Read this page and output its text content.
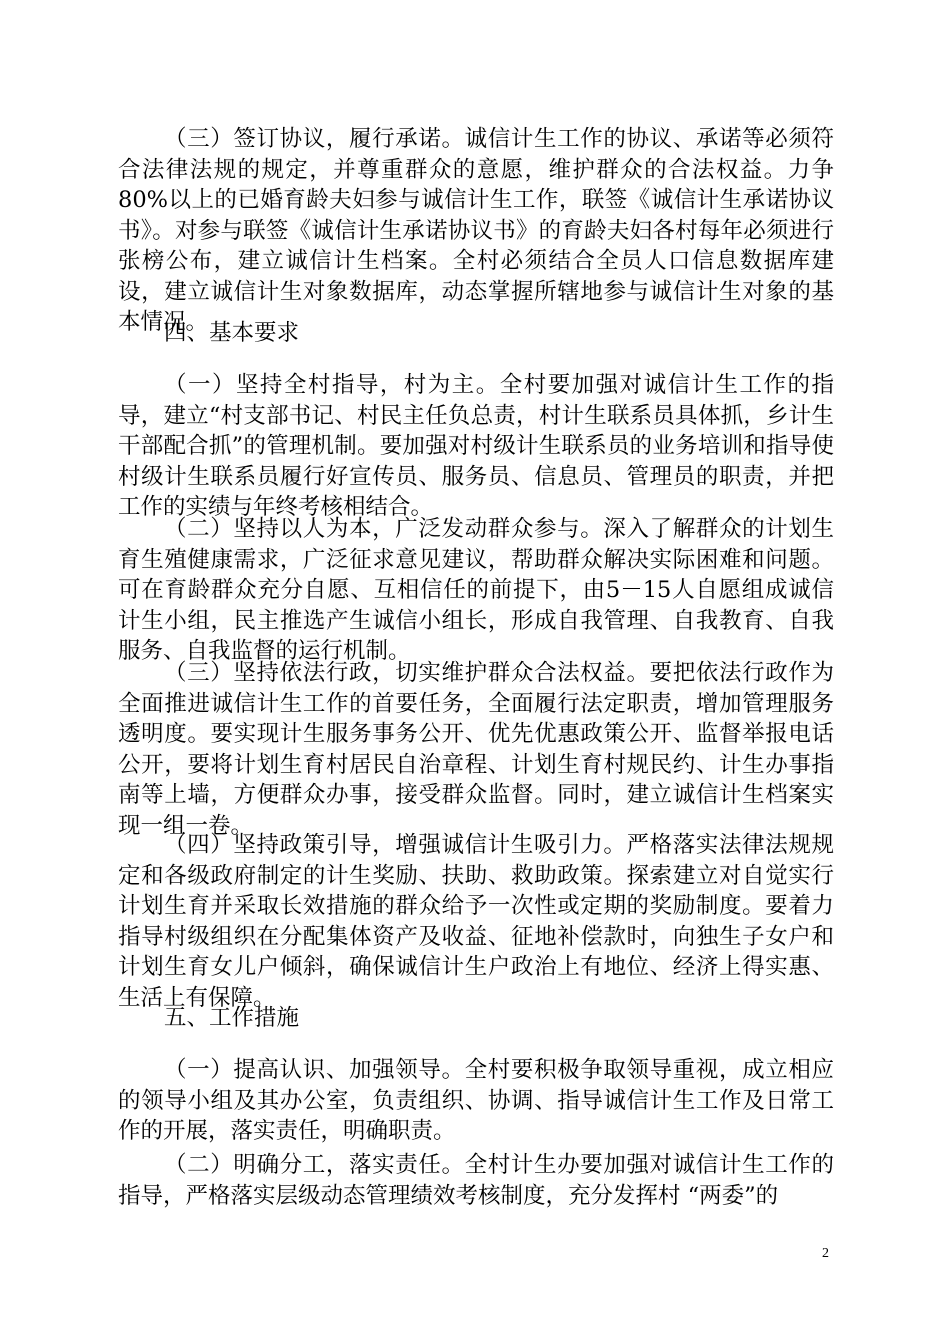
（三）签订协议，履行承诺。诚信计生工作的协议、承诺等必须符合法律法规的规定，并尊重群众的意愿，维护群众的合法权益。力争80%以上的已婚育龄夫妇参与诚信计生工作，联签《诚信计生承诺协议书》。对参与联签《诚信计生承诺协议书》的育龄夫妇各村每年必须进行张榜公布，建立诚信计生档案。全村必须结合全员人口信息数据库建设，建立诚信计生对象数据库，动态掌握所辖地参与诚信计生对象的基本情况。

四、基本要求

（一）坚持全村指导，村为主。全村要加强对诚信计生工作的指导，建立“村支部书记、村民主任负总责，村计生联系员具体抓，乡计生干部配合抓”的管理机制。要加强对村级计生联系员的业务培训和指导使村级计生联系员履行好宣传员、服务员、信息员、管理员的职责，并把工作的实绩与年终考核相结合。

（二）坚持以人为本，广泛发动群众参与。深入了解群众的计划生育生殖健康需求，广泛征求意见建议，帮助群众解决实际困难和问题。可在育龄群众充分自愿、互相信任的前提下，由5－15人自愿组成诚信计生小组，民主推选产生诚信小组长，形成自我管理、自我教育、自我服务、自我监督的运行机制。

（三）坚持依法行政，切实维护群众合法权益。要把依法行政作为全面推进诚信计生工作的首要任务，全面履行法定职责，增加管理服务透明度。要实现计生服务事务公开、优先优惠政策公开、监督举报电话公开，要将计划生育村居民自治章程、计划生育村规民约、计生办事指南等上墙，方便群众办事，接受群众监督。同时，建立诚信计生档案实现一组一卷。

（四）坚持政策引导，增强诚信计生吸引力。严格落实法律法规规定和各级政府制定的计生奖励、扶助、救助政策。探索建立对自觉实行计划生育并采取长效措施的群众给予一次性或定期的奖励制度。要着力指导村级组织在分配集体资产及收益、征地补偿款时，向独生子女户和计划生育女儿户倾斜，确保诚信计生户政治上有地位、经济上得实惠、生活上有保障。

五、工作措施

（一）提高认识、加强领导。全村要积极争取领导重视，成立相应的领导小组及其办公室，负责组织、协调、指导诚信计生工作及日常工作的开展，落实责任，明确职责。

（二）明确分工，落实责任。全村计生办要加强对诚信计生工作的指导，严格落实层级动态管理绩效考核制度，充分发挥村 “两委”的

2
